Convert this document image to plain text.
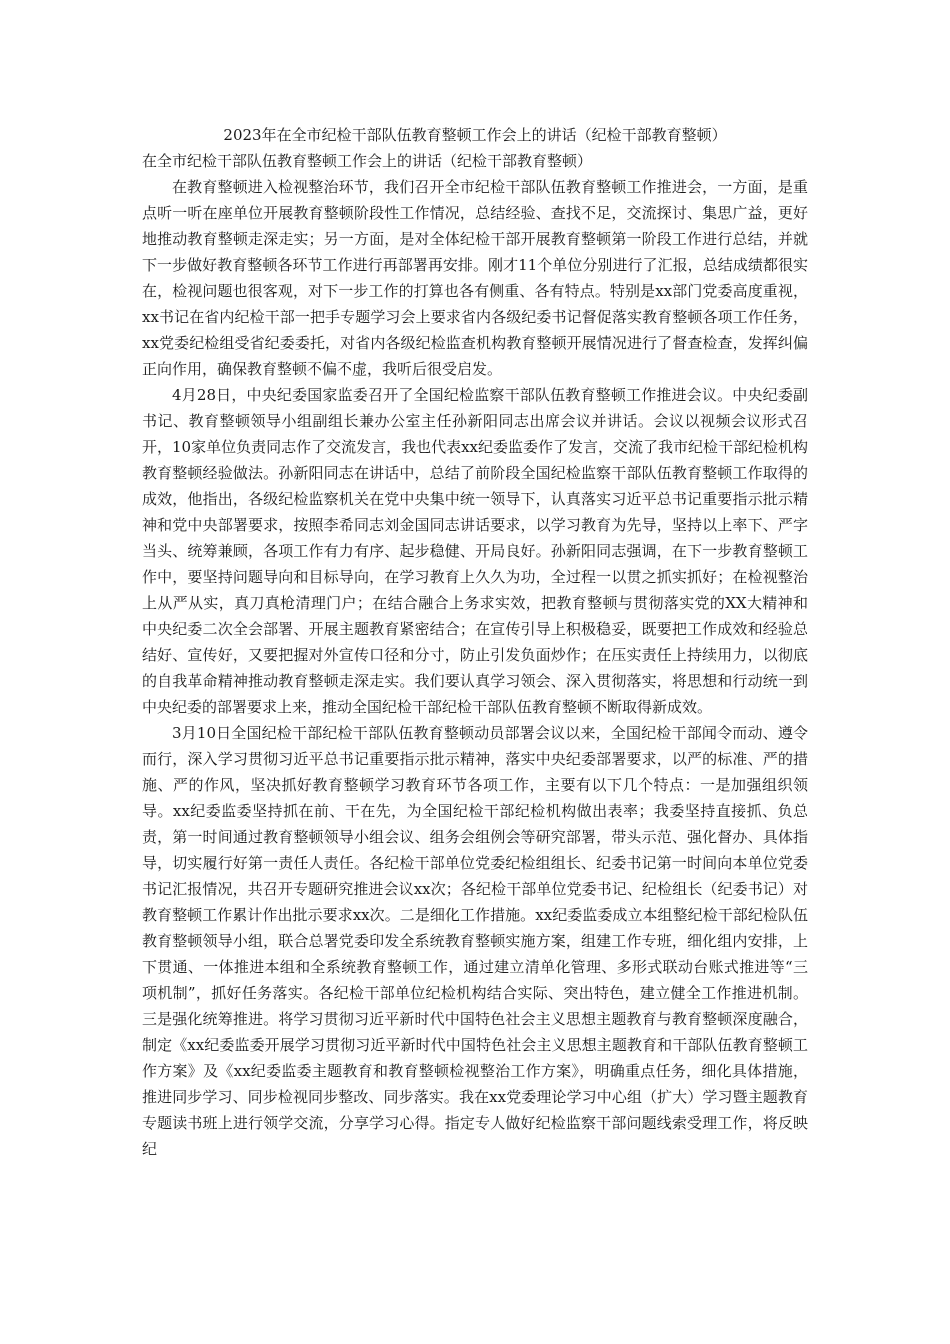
2023年在全市纪检干部队伍教育整顿工作会上的讲话（纪检干部教育整顿）

在全市纪检干部队伍教育整顿工作会上的讲话（纪检干部教育整顿）

在教育整顿进入检视整治环节，我们召开全市纪检干部队伍教育整顿工作推进会，一方面，是重点听一听在座单位开展教育整顿阶段性工作情况，总结经验、查找不足，交流探讨、集思广益，更好地推动教育整顿走深走实；另一方面，是对全体纪检干部开展教育整顿第一阶段工作进行总结，并就下一步做好教育整顿各环节工作进行再部署再安排。刚才11个单位分别进行了汇报，总结成绩都很实在，检视问题也很客观，对下一步工作的打算也各有侧重、各有特点。特别是xx部门党委高度重视，xx书记在省内纪检干部一把手专题学习会上要求省内各级纪委书记督促落实教育整顿各项工作任务，xx党委纪检组受省纪委委托，对省内各级纪检监查机构教育整顿开展情况进行了督查检查，发挥纠偏正向作用，确保教育整顿不偏不虚，我听后很受启发。

4月28日，中央纪委国家监委召开了全国纪检监察干部队伍教育整顿工作推进会议。中央纪委副书记、教育整顿领导小组副组长兼办公室主任孙新阳同志出席会议并讲话。会议以视频会议形式召开，10家单位负责同志作了交流发言，我也代表xx纪委监委作了发言，交流了我市纪检干部纪检机构教育整顿经验做法。孙新阳同志在讲话中，总结了前阶段全国纪检监察干部队伍教育整顿工作取得的成效，他指出，各级纪检监察机关在党中央集中统一领导下，认真落实习近平总书记重要指示批示精神和党中央部署要求，按照李希同志刘金国同志讲话要求，以学习教育为先导，坚持以上率下、严字当头、统筹兼顾，各项工作有力有序、起步稳健、开局良好。孙新阳同志强调，在下一步教育整顿工作中，要坚持问题导向和目标导向，在学习教育上久久为功，全过程一以贯之抓实抓好；在检视整治上从严从实，真刀真枪清理门户；在结合融合上务求实效，把教育整顿与贯彻落实党的XX大精神和中央纪委二次全会部署、开展主题教育紧密结合；在宣传引导上积极稳妥，既要把工作成效和经验总结好、宣传好，又要把握对外宣传口径和分寸，防止引发负面炒作；在压实责任上持续用力，以彻底的自我革命精神推动教育整顿走深走实。我们要认真学习领会、深入贯彻落实，将思想和行动统一到中央纪委的部署要求上来，推动全国纪检干部纪检干部队伍教育整顿不断取得新成效。

3月10日全国纪检干部纪检干部队伍教育整顿动员部署会议以来，全国纪检干部闻令而动、遵令而行，深入学习贯彻习近平总书记重要指示批示精神，落实中央纪委部署要求，以严的标准、严的措施、严的作风，坚决抓好教育整顿学习教育环节各项工作，主要有以下几个特点：一是加强组织领导。xx纪委监委坚持抓在前、干在先，为全国纪检干部纪检机构做出表率；我委坚持直接抓、负总责，第一时间通过教育整顿领导小组会议、组务会组例会等研究部署，带头示范、强化督办、具体指导，切实履行好第一责任人责任。各纪检干部单位党委纪检组组长、纪委书记第一时间向本单位党委书记汇报情况，共召开专题研究推进会议xx次；各纪检干部单位党委书记、纪检组长（纪委书记）对教育整顿工作累计作出批示要求xx次。二是细化工作措施。xx纪委监委成立本组整纪检干部纪检队伍教育整顿领导小组，联合总署党委印发全系统教育整顿实施方案，组建工作专班，细化组内安排，上下贯通、一体推进本组和全系统教育整顿工作，通过建立清单化管理、多形式联动台账式推进等“三项机制”，抓好任务落实。各纪检干部单位纪检机构结合实际、突出特色，建立健全工作推进机制。三是强化统筹推进。将学习贯彻习近平新时代中国特色社会主义思想主题教育与教育整顿深度融合，制定《xx纪委监委开展学习贯彻习近平新时代中国特色社会主义思想主题教育和干部队伍教育整顿工作方案》及《xx纪委监委主题教育和教育整顿检视整治工作方案》，明确重点任务，细化具体措施，推进同步学习、同步检视同步整改、同步落实。我在xx党委理论学习中心组（扩大）学习暨主题教育专题读书班上进行领学交流，分享学习心得。指定专人做好纪检监察干部问题线索受理工作，将反映纪
